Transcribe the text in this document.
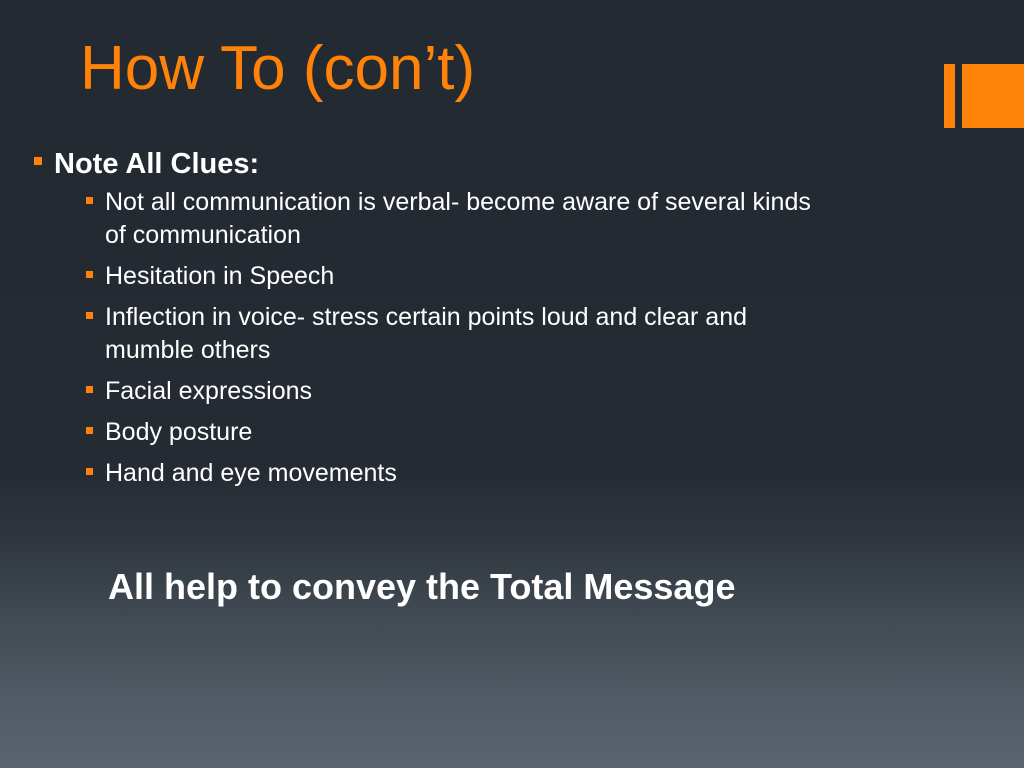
How To (con’t)
Note All Clues:
Not all communication is verbal- become aware of several kinds of communication
Hesitation in Speech
Inflection in voice- stress certain points loud and clear and mumble others
Facial expressions
Body posture
Hand and eye movements

All help to convey the Total Message
